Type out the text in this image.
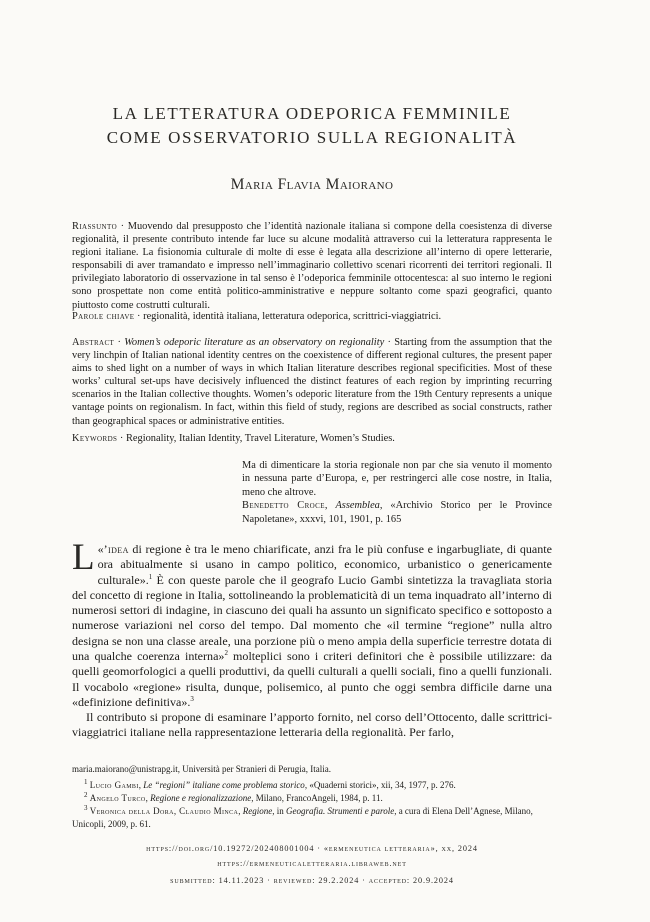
LA LETTERATURA ODEPORICA FEMMINILE
COME OSSERVATORIO SULLA REGIONALITÀ
Maria Flavia Maiorano

Riassunto · Muovendo dal presupposto che l’identità nazionale italiana si compone della coesistenza di diverse regionalità, il presente contributo intende far luce su alcune modalità attraverso cui la letteratura rappresenta le regioni italiane. La fisionomia culturale di molte di esse è legata alla descrizione all’interno di opere letterarie, responsabili di aver tramandato e impresso nell’immaginario collettivo scenari ricorrenti dei territori regionali. Il privilegiato laboratorio di osservazione in tal senso è l’odeporica femminile ottocentesca: al suo interno le regioni sono prospettate non come entità politico-amministrative e neppure soltanto come spazi geografici, quanto piuttosto come costrutti culturali.

Parole chiave · regionalità, identità italiana, letteratura odeporica, scrittrici-viaggiatrici.

Abstract · Women’s odeporic literature as an observatory on regionality · Starting from the assumption that the very linchpin of Italian national identity centres on the coexistence of different regional cultures, the present paper aims to shed light on a number of ways in which Italian literature describes regional specificities. Most of these works’ cultural set-ups have decisively influenced the distinct features of each region by imprinting recurring scenarios in the Italian collective thoughts. Women’s odeporic literature from the 19th Century represents a unique vantage points on regionalism. In fact, within this field of study, regions are described as social constructs, rather than geographical spaces or administrative entities.

Keywords · Regionality, Italian Identity, Travel Literature, Women’s Studies.

Ma di dimenticare la storia regionale non par che sia venuto il momento in nessuna parte d’Europa, e, per restringerci alle cose nostre, in Italia, meno che altrove.
Benedetto Croce, Assemblea, «Archivio Storico per le Province Napoletane», xxxvi, 101, 1901, p. 165

«
L ’idea di regione è tra le meno chiarificate, anzi fra le più confuse e ingarbugliate, di quante ora abitualmente si usano in campo politico, economico, urbanistico o genericamente culturale».$^1$ È con queste parole che il geografo Lucio Gambi sintetizza la travagliata storia del concetto di regione in Italia, sottolineando la problematicità di un tema inquadrato all’interno di numerosi settori di indagine, in ciascuno dei quali ha assunto un significato specifico e sottoposto a numerose variazioni nel corso del tempo. Dal momento che «il termine “regione” nulla altro designa se non una classe areale, una porzione più o meno ampia della superficie terrestre dotata di una qualche coerenza interna»$^2$ molteplici sono i criteri definitori che è possibile utilizzare: da quelli geomorfologici a quelli produttivi, da quelli culturali a quelli sociali, fino a quelli funzionali. Il vocabolo «regione» risulta, dunque, polisemico, al punto che oggi sembra difficile darne una «definizione definitiva».$^3$

Il contributo si propone di esaminare l’apporto fornito, nel corso dell’Ottocento, dalle scrittrici-viaggiatrici italiane nella rappresentazione letteraria della regionalità. Per farlo,

maria.maiorano@unistrapg.it, Università per Stranieri di Perugia, Italia.

$^1$ Lucio Gambi, Le “regioni” italiane come problema storico, «Quaderni storici», xii, 34, 1977, p. 276.

$^2$ Angelo Turco, Regione e regionalizzazione, Milano, FrancoAngeli, 1984, p. 11.

$^3$ Veronica della Dora, Claudio Minca, Regione, in Geografia. Strumenti e parole, a cura di Elena Dell’Agnese, Milano, Unicopli, 2009, p. 61.

https://doi.org/10.19272/202408001004 · «ermeneutica letteraria», xx, 2024
https://ermeneuticaletteraria.libraweb.net
submitted: 14.11.2023 · reviewed: 29.2.2024 · accepted: 20.9.2024
